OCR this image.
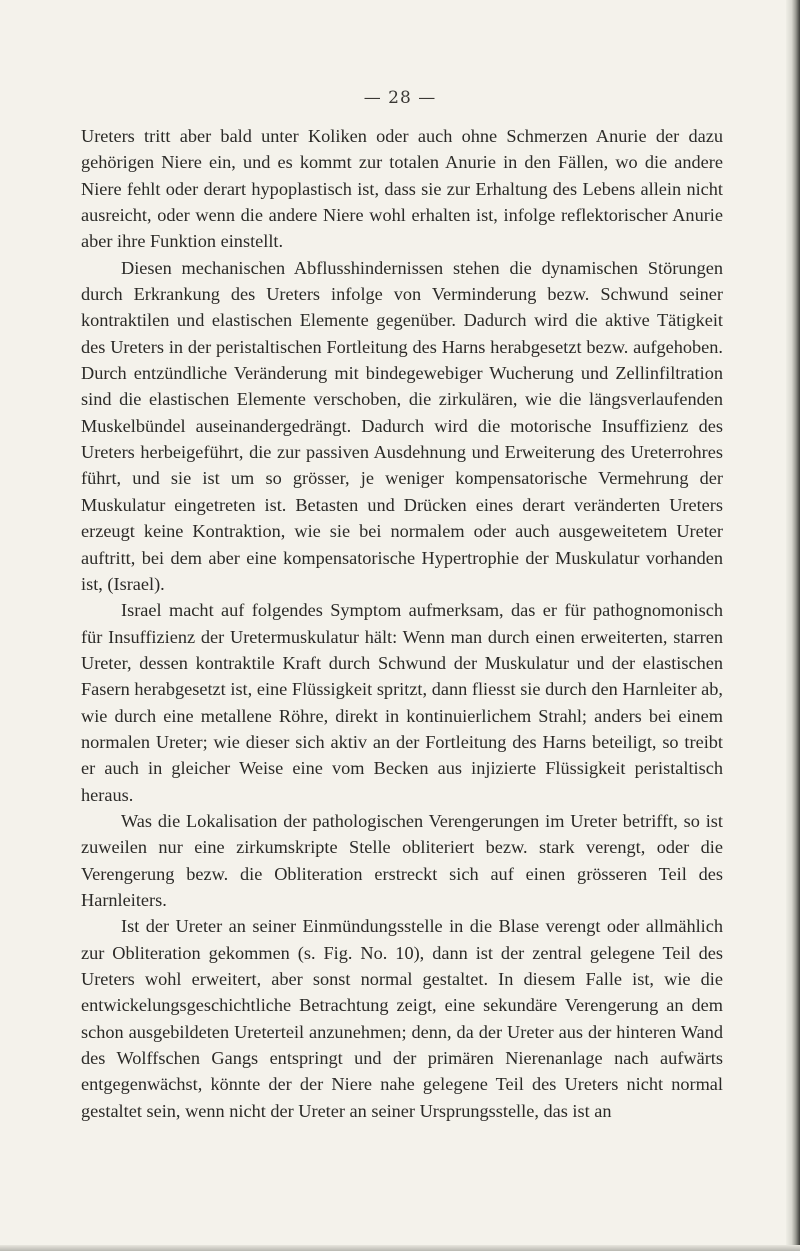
— 28 —

Ureters tritt aber bald unter Koliken oder auch ohne Schmerzen Anurie der dazu gehörigen Niere ein, und es kommt zur totalen Anurie in den Fällen, wo die andere Niere fehlt oder derart hypoplastisch ist, dass sie zur Erhaltung des Lebens allein nicht ausreicht, oder wenn die andere Niere wohl erhalten ist, infolge reflektorischer Anurie aber ihre Funktion einstellt.

Diesen mechanischen Abflusshindernissen stehen die dynamischen Störungen durch Erkrankung des Ureters infolge von Verminderung bezw. Schwund seiner kontraktilen und elastischen Elemente gegenüber. Dadurch wird die aktive Tätigkeit des Ureters in der peristaltischen Fortleitung des Harns herabgesetzt bezw. aufgehoben. Durch entzündliche Veränderung mit bindegewebiger Wucherung und Zellinfiltration sind die elastischen Elemente verschoben, die zirkulären, wie die längsverlaufenden Muskelbündel auseinandergedrängt. Dadurch wird die motorische Insuffizienz des Ureters herbeigeführt, die zur passiven Ausdehnung und Erweiterung des Ureterrohres führt, und sie ist um so grösser, je weniger kompensatorische Vermehrung der Muskulatur eingetreten ist. Betasten und Drücken eines derart veränderten Ureters erzeugt keine Kontraktion, wie sie bei normalem oder auch ausgeweitetem Ureter auftritt, bei dem aber eine kompensatorische Hypertrophie der Muskulatur vorhanden ist, (Israel).

Israel macht auf folgendes Symptom aufmerksam, das er für pathognomonisch für Insuffizienz der Uretermuskulatur hält: Wenn man durch einen erweiterten, starren Ureter, dessen kontraktile Kraft durch Schwund der Muskulatur und der elastischen Fasern herabgesetzt ist, eine Flüssigkeit spritzt, dann fliesst sie durch den Harnleiter ab, wie durch eine metallene Röhre, direkt in kontinuierlichem Strahl; anders bei einem normalen Ureter; wie dieser sich aktiv an der Fortleitung des Harns beteiligt, so treibt er auch in gleicher Weise eine vom Becken aus injizierte Flüssigkeit peristaltisch heraus.

Was die Lokalisation der pathologischen Verengerungen im Ureter betrifft, so ist zuweilen nur eine zirkumskripte Stelle obliteriert bezw. stark verengt, oder die Verengerung bezw. die Obliteration erstreckt sich auf einen grösseren Teil des Harnleiters.

Ist der Ureter an seiner Einmündungsstelle in die Blase verengt oder allmählich zur Obliteration gekommen (s. Fig. No. 10), dann ist der zentral gelegene Teil des Ureters wohl erweitert, aber sonst normal gestaltet. In diesem Falle ist, wie die entwickelungsgeschichtliche Betrachtung zeigt, eine sekundäre Verengerung an dem schon ausgebildeten Ureterteil anzunehmen; denn, da der Ureter aus der hinteren Wand des Wolffschen Gangs entspringt und der primären Nierenanlage nach aufwärts entgegenwächst, könnte der der Niere nahe gelegene Teil des Ureters nicht normal gestaltet sein, wenn nicht der Ureter an seiner Ursprungsstelle, das ist an
